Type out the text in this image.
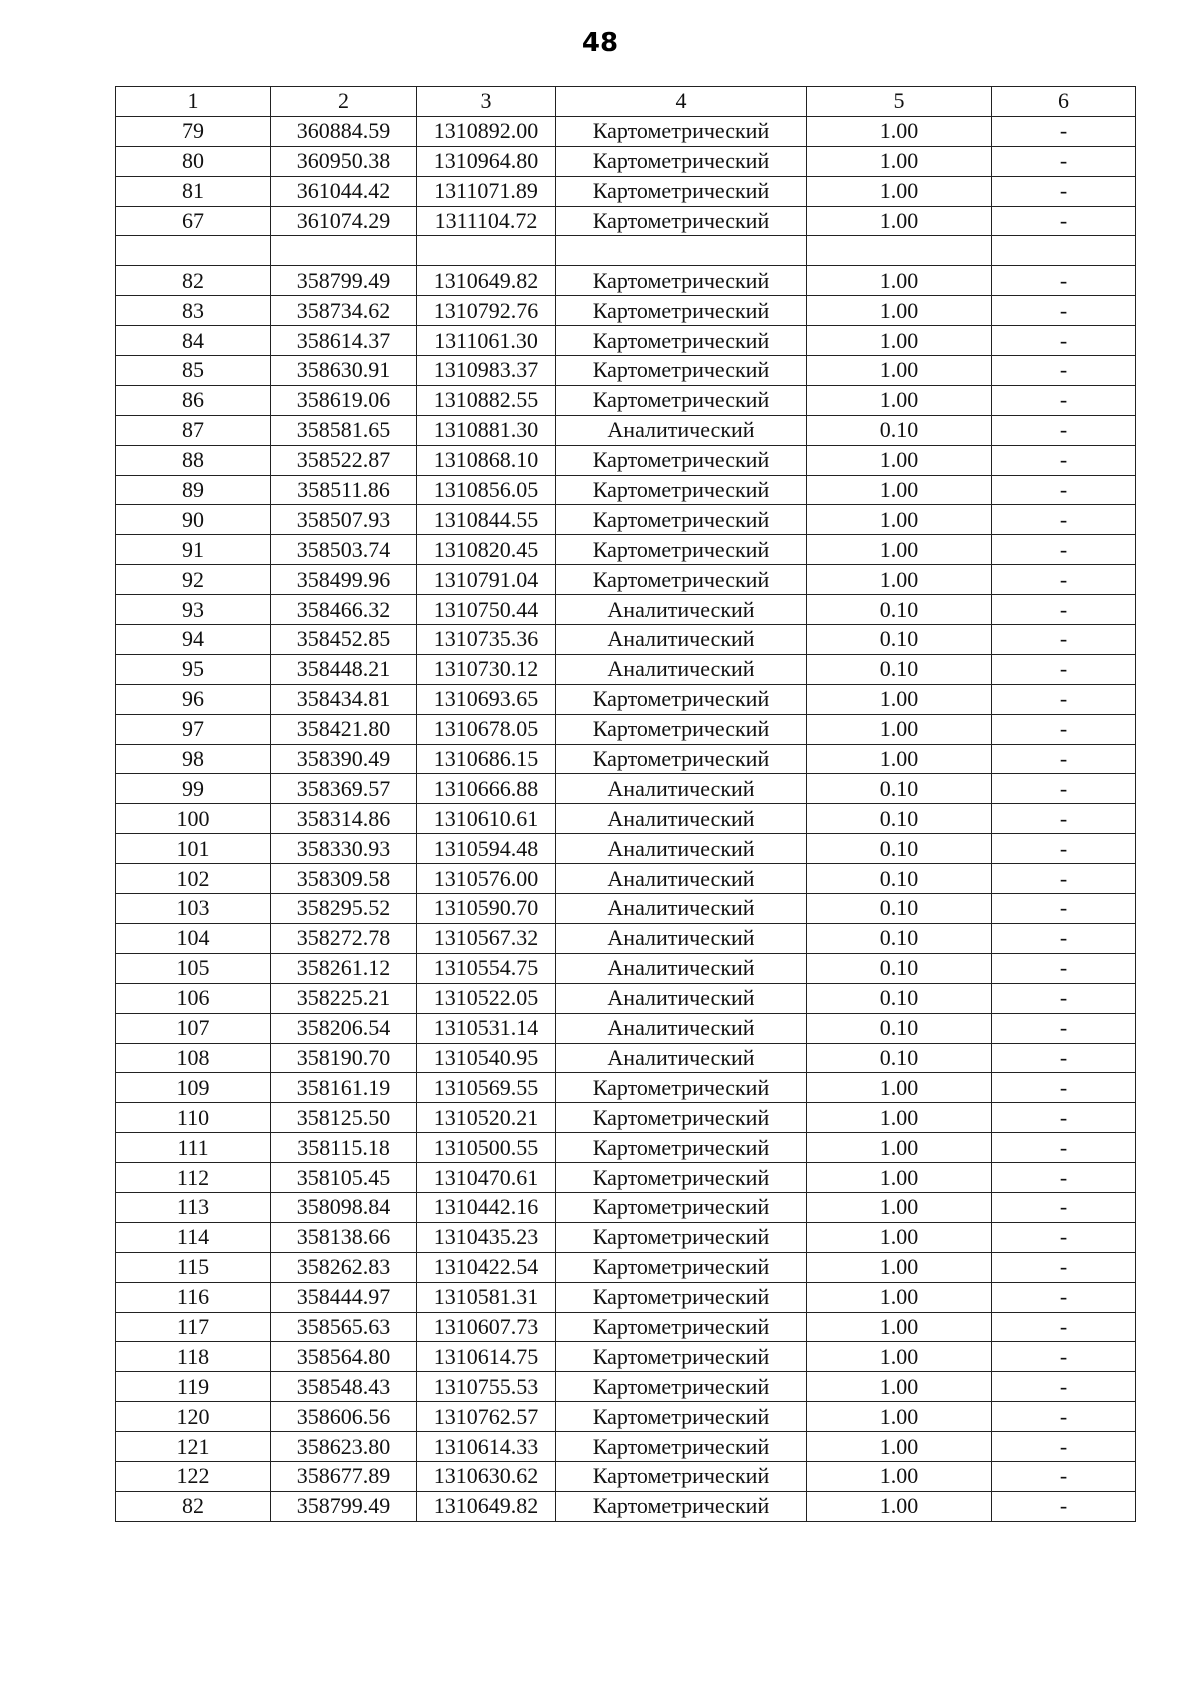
48
1	2	3	4	5	6
79	360884.59	1310892.00	Картометрический	1.00	-
80	360950.38	1310964.80	Картометрический	1.00	-
81	361044.42	1311071.89	Картометрический	1.00	-
67	361074.29	1311104.72	Картометрический	1.00	-

82	358799.49	1310649.82	Картометрический	1.00	-
83	358734.62	1310792.76	Картометрический	1.00	-
84	358614.37	1311061.30	Картометрический	1.00	-
85	358630.91	1310983.37	Картометрический	1.00	-
86	358619.06	1310882.55	Картометрический	1.00	-
87	358581.65	1310881.30	Аналитический	0.10	-
88	358522.87	1310868.10	Картометрический	1.00	-
89	358511.86	1310856.05	Картометрический	1.00	-
90	358507.93	1310844.55	Картометрический	1.00	-
91	358503.74	1310820.45	Картометрический	1.00	-
92	358499.96	1310791.04	Картометрический	1.00	-
93	358466.32	1310750.44	Аналитический	0.10	-
94	358452.85	1310735.36	Аналитический	0.10	-
95	358448.21	1310730.12	Аналитический	0.10	-
96	358434.81	1310693.65	Картометрический	1.00	-
97	358421.80	1310678.05	Картометрический	1.00	-
98	358390.49	1310686.15	Картометрический	1.00	-
99	358369.57	1310666.88	Аналитический	0.10	-
100	358314.86	1310610.61	Аналитический	0.10	-
101	358330.93	1310594.48	Аналитический	0.10	-
102	358309.58	1310576.00	Аналитический	0.10	-
103	358295.52	1310590.70	Аналитический	0.10	-
104	358272.78	1310567.32	Аналитический	0.10	-
105	358261.12	1310554.75	Аналитический	0.10	-
106	358225.21	1310522.05	Аналитический	0.10	-
107	358206.54	1310531.14	Аналитический	0.10	-
108	358190.70	1310540.95	Аналитический	0.10	-
109	358161.19	1310569.55	Картометрический	1.00	-
110	358125.50	1310520.21	Картометрический	1.00	-
111	358115.18	1310500.55	Картометрический	1.00	-
112	358105.45	1310470.61	Картометрический	1.00	-
113	358098.84	1310442.16	Картометрический	1.00	-
114	358138.66	1310435.23	Картометрический	1.00	-
115	358262.83	1310422.54	Картометрический	1.00	-
116	358444.97	1310581.31	Картометрический	1.00	-
117	358565.63	1310607.73	Картометрический	1.00	-
118	358564.80	1310614.75	Картометрический	1.00	-
119	358548.43	1310755.53	Картометрический	1.00	-
120	358606.56	1310762.57	Картометрический	1.00	-
121	358623.80	1310614.33	Картометрический	1.00	-
122	358677.89	1310630.62	Картометрический	1.00	-
82	358799.49	1310649.82	Картометрический	1.00	-
